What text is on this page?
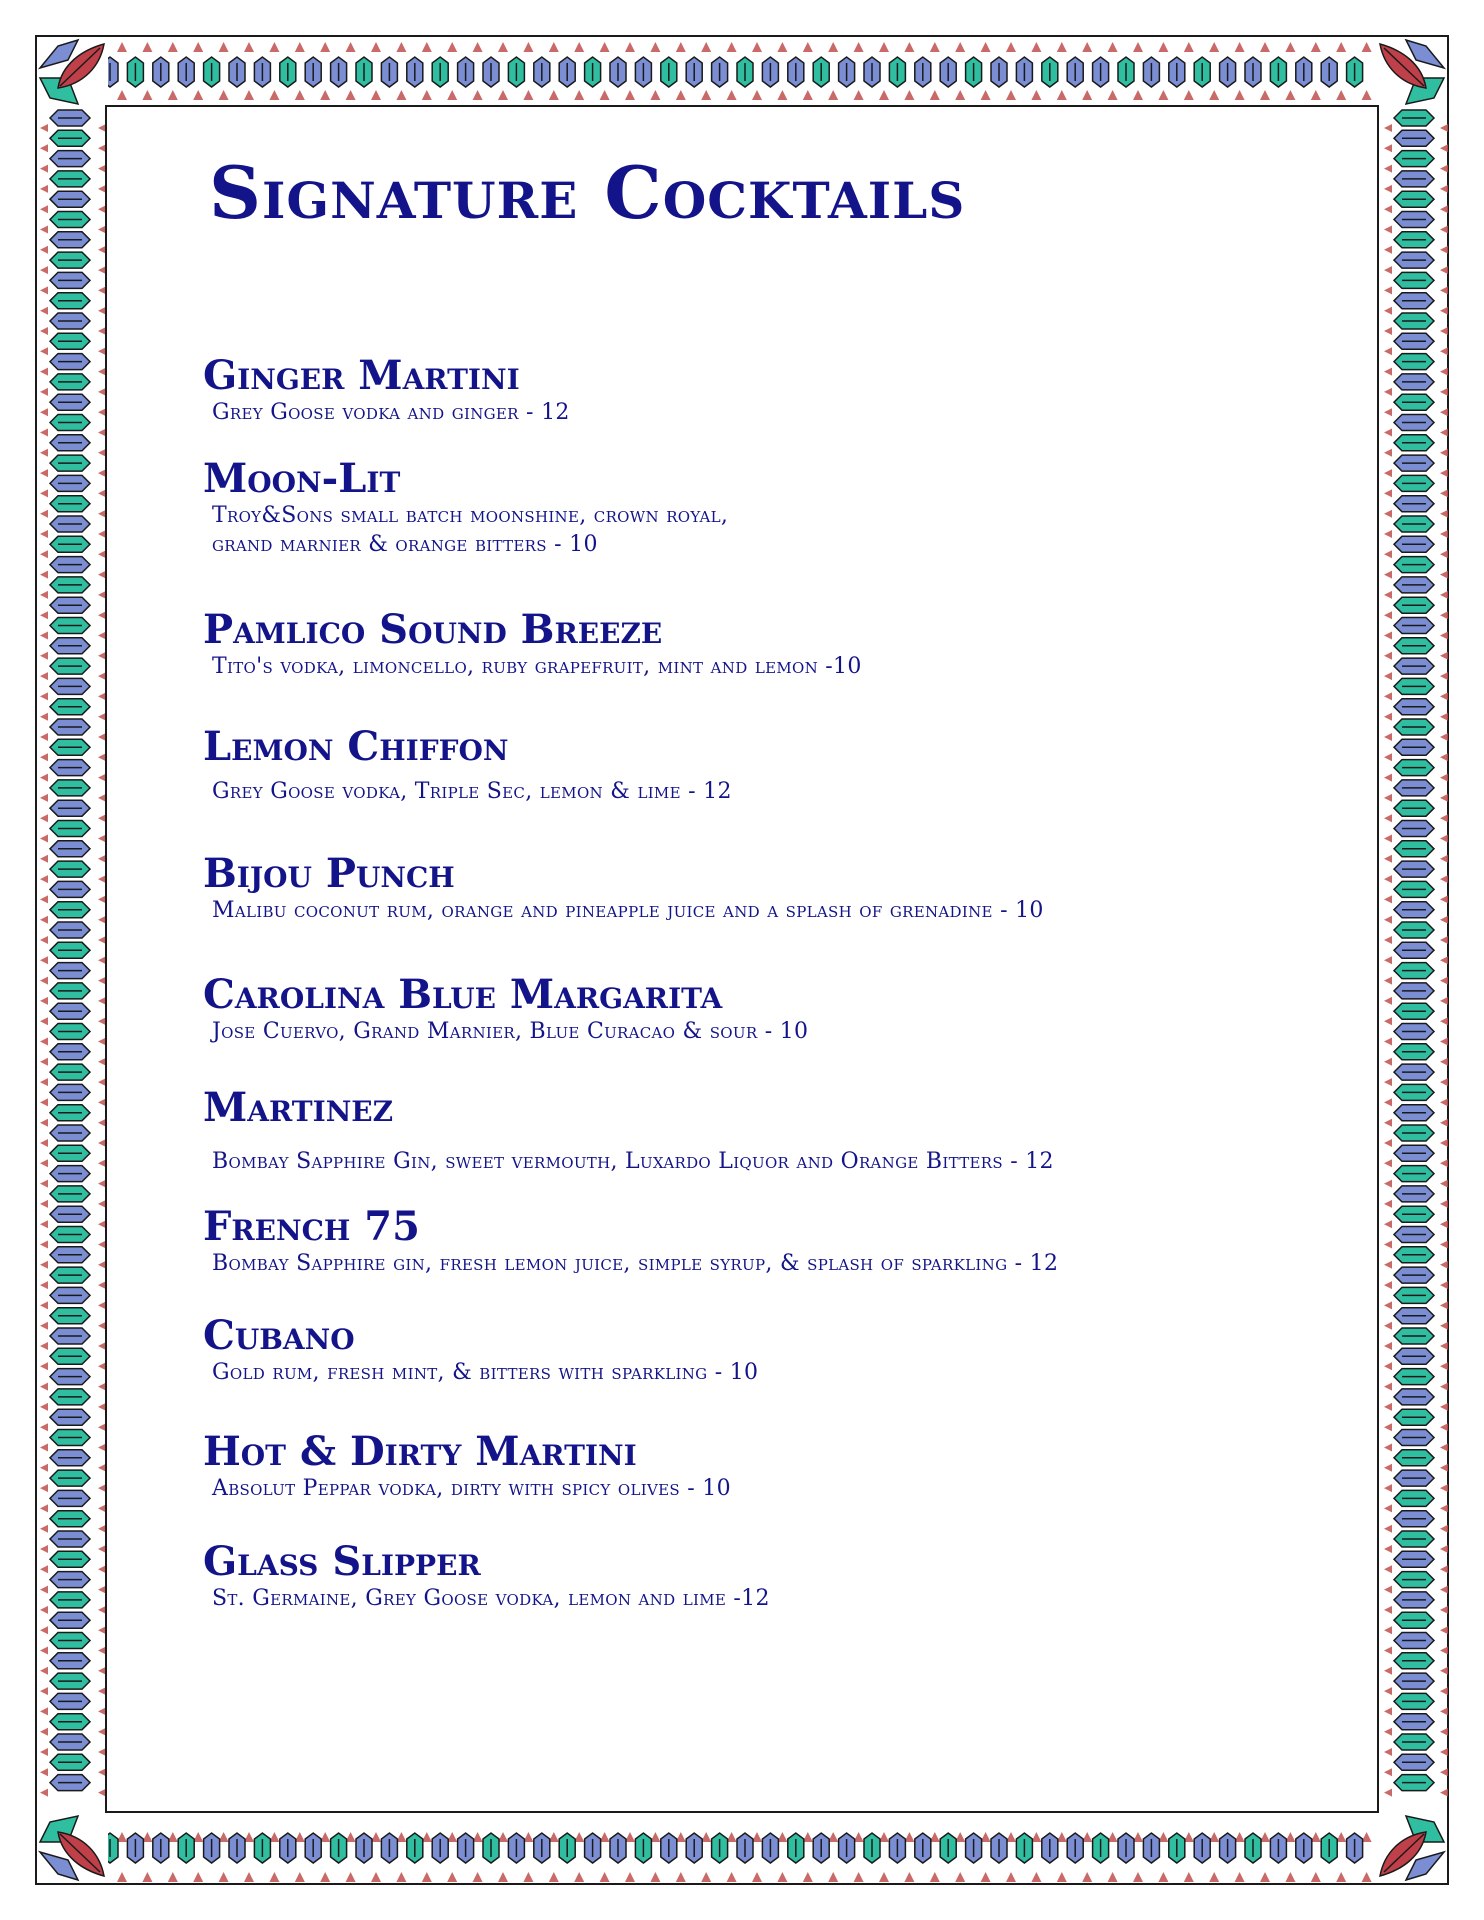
Signature Cocktails
Ginger Martini
Grey Goose vodka and ginger - 12
Moon-Lit
Troy&Sons small batch moonshine, crown royal,
grand marnier & orange bitters - 10
Pamlico Sound Breeze
Tito's vodka, limoncello, ruby grapefruit, mint and lemon -10
Lemon Chiffon
Grey Goose vodka, Triple Sec, lemon & lime - 12
Bijou Punch
Malibu coconut rum, orange and pineapple juice and a splash of grenadine - 10
Carolina Blue Margarita
Jose Cuervo, Grand Marnier, Blue Curacao & sour - 10
Martinez
Bombay Sapphire Gin, sweet vermouth, Luxardo Liquor and Orange Bitters - 12
French 75
Bombay Sapphire gin, fresh lemon juice, simple syrup, & splash of sparkling - 12
Cubano
Gold rum, fresh mint, & bitters with sparkling - 10
Hot & Dirty Martini
Absolut Peppar vodka, dirty with spicy olives - 10
Glass Slipper
St. Germaine, Grey Goose vodka, lemon and lime -12
